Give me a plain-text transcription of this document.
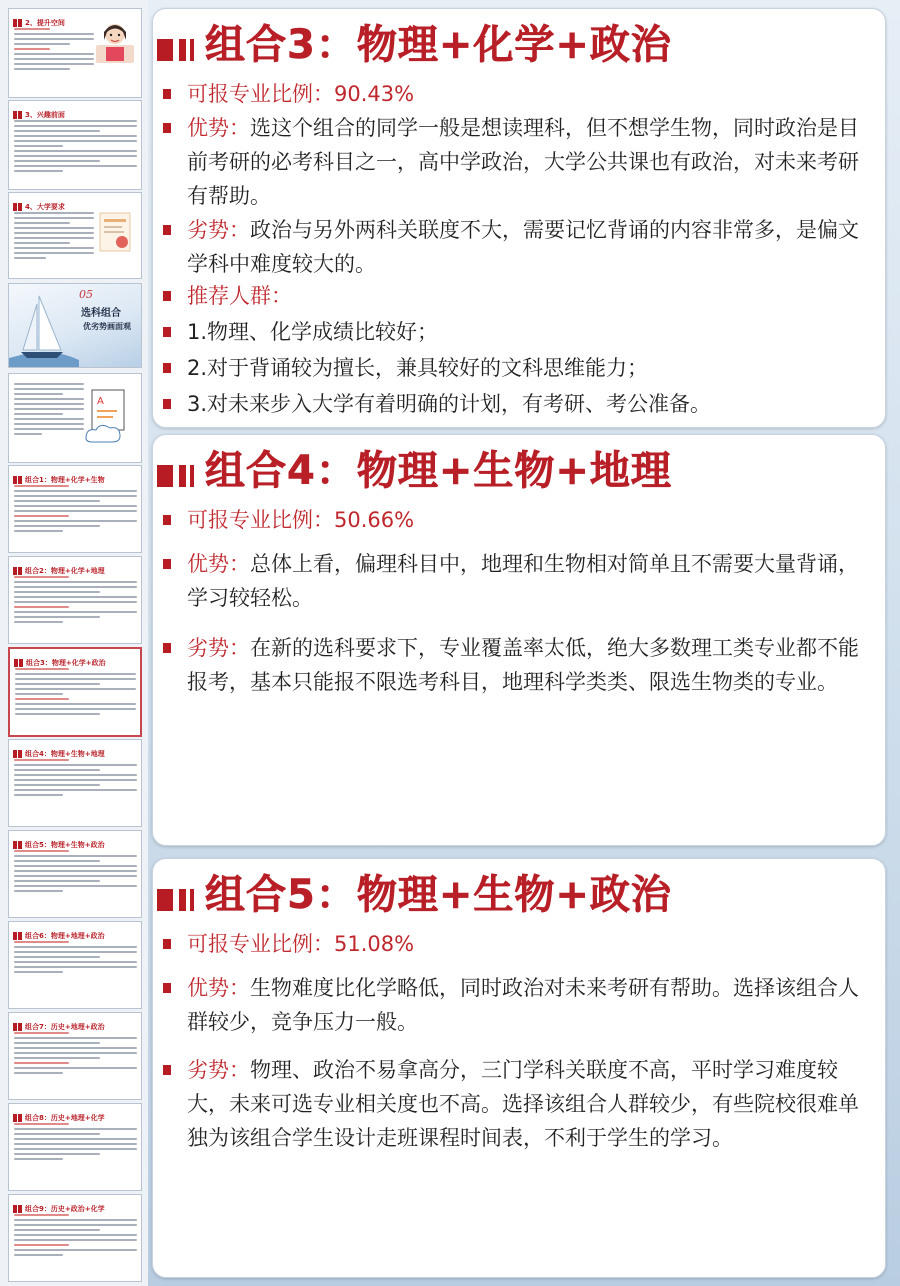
2、提升空间
3、兴趣前面
4、大学要求
05
选科组合
优劣势画面观
A
组合1：物理+化学+生物
组合2：物理+化学+地理
组合3：物理+化学+政治
组合4：物理+生物+地理
组合5：物理+生物+政治
组合6：物理+地理+政治
组合7：历史+地理+政治
组合8：历史+地理+化学
组合9：历史+政治+化学
组合3：物理+化学+政治
可报专业比例：90.43%
优势：选这个组合的同学一般是想读理科，但不想学生物，同时政治是目前考研的必考科目之一，高中学政治，大学公共课也有政治，对未来考研有帮助。
劣势：政治与另外两科关联度不大，需要记忆背诵的内容非常多，是偏文学科中难度较大的。
推荐人群：
1.物理、化学成绩比较好；
2.对于背诵较为擅长，兼具较好的文科思维能力；
3.对未来步入大学有着明确的计划，有考研、考公准备。
组合4：物理+生物+地理
可报专业比例：50.66%
优势：总体上看，偏理科目中，地理和生物相对简单且不需要大量背诵，学习较轻松。
劣势：在新的选科要求下，专业覆盖率太低，绝大多数理工类专业都不能报考，基本只能报不限选考科目，地理科学类类、限选生物类的专业。
组合5：物理+生物+政治
可报专业比例：51.08%
优势：生物难度比化学略低，同时政治对未来考研有帮助。选择该组合人群较少，竞争压力一般。
劣势：物理、政治不易拿高分，三门学科关联度不高，平时学习难度较大，未来可选专业相关度也不高。选择该组合人群较少，有些院校很难单独为该组合学生设计走班课程时间表，不利于学生的学习。
